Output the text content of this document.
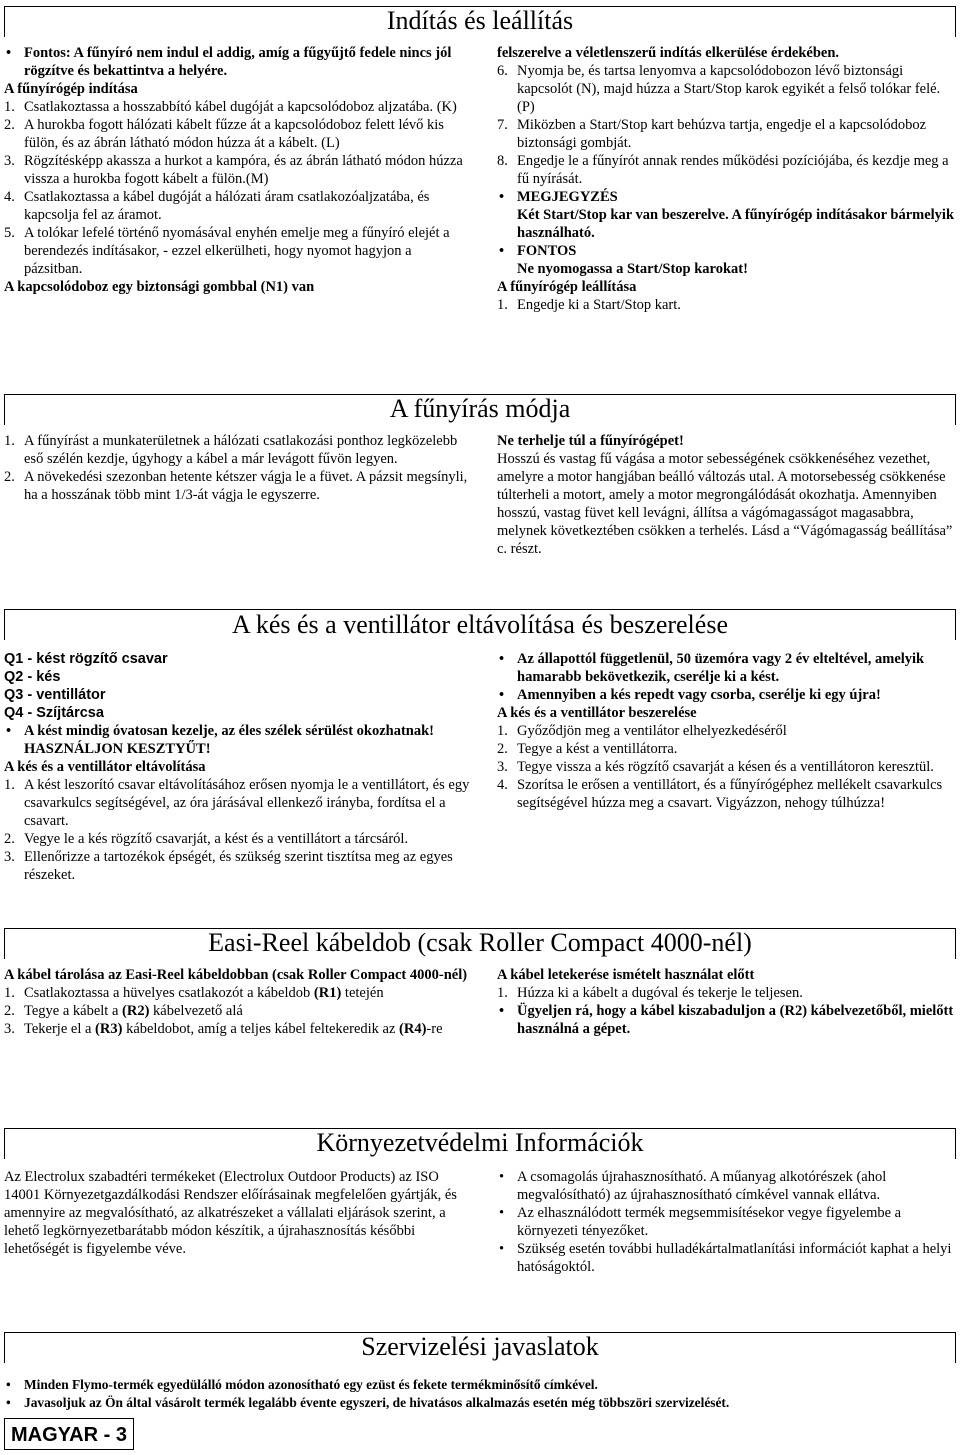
Indítás és leállítás
• Fontos: A fűnyíró nem indul el addig, amíg a fűgyűjtő fedele nincs jól rögzítve és bekattintva a helyére.

A fűnyírógép indítása

1. Csatlakoztassa a hosszabbító kábel dugóját a kapcsolódoboz aljzatába. (K)
2. A hurokba fogott hálózati kábelt fűzze át a kapcsolódoboz felett lévő kis fülön, és az ábrán látható módon húzza át a kábelt. (L)
3. Rögzítésképp akassza a hurkot a kampóra, és az ábrán látható módon húzza vissza a hurokba fogott kábelt a fülön.(M)
4. Csatlakoztassa a kábel dugóját a hálózati áram csatlakozóaljzatába, és kapcsolja fel az áramot.
5. A tolókar lefelé történő nyomásával enyhén emelje meg a fűnyíró elejét a berendezés indításakor, - ezzel elkerülheti, hogy nyomot hagyjon a pázsitban.

A kapcsolódoboz egy biztonsági gombbal (N1) van

felszerelve a véletlenszerű indítás elkerülése érdekében.

6. Nyomja be, és tartsa lenyomva a kapcsolódobozon lévő biztonsági kapcsolót (N), majd húzza a Start/Stop karok egyikét a felső tolókar felé. (P)
7. Miközben a Start/Stop kart behúzva tartja, engedje el a kapcsolódoboz biztonsági gombját.
8. Engedje le a fűnyírót annak rendes működési pozíciójába, és kezdje meg a fű nyírását.
• MEGJEGYZÉS
Két Start/Stop kar van beszerelve. A fűnyírógép indításakor bármelyik használható.
• FONTOS
Ne nyomogassa a Start/Stop karokat!

A fűnyírógép leállítása

1. Engedje ki a Start/Stop kart.
A fűnyírás módja
1. A fűnyírást a munkaterületnek a hálózati csatlakozási ponthoz legközelebb eső szélén kezdje, úgyhogy a kábel a már levágott fűvön legyen.
2. A növekedési szezonban hetente kétszer vágja le a füvet. A pázsit megsínyli, ha a hosszának több mint 1/3-át vágja le egyszerre.

Ne terhelje túl a fűnyírógépet!

Hosszú és vastag fű vágása a motor sebességének csökkenéséhez vezethet, amelyre a motor hangjában beálló változás utal. A motorsebesség csökkenése túlterheli a motort, amely a motor megrongálódását okozhatja. Amennyiben hosszú, vastag füvet kell levágni, állítsa a vágómagasságot magasabbra, melynek következtében csökken a terhelés. Lásd a “Vágómagasság beállítása” c. részt.

A kés és a ventillátor eltávolítása és beszerelése

Q1 - kést rögzítő csavar

Q2 - kés

Q3 - ventillátor

Q4 - Szíjtárcsa

• A kést mindig óvatosan kezelje, az éles szélek sérülést okozhatnak! HASZNÁLJON KESZTYŰT!

A kés és a ventillátor eltávolítása

1. A kést leszorító csavar eltávolításához erősen nyomja le a ventillátort, és egy csavarkulcs segítségével, az óra járásával ellenkező irányba, fordítsa el a csavart.
2. Vegye le a kés rögzítő csavarját, a kést és a ventillátort a tárcsáról.
3. Ellenőrizze a tartozékok épségét, és szükség szerint tisztítsa meg az egyes részeket.
• Az állapottól függetlenül, 50 üzemóra vagy 2 év elteltével, amelyik hamarabb bekövetkezik, cserélje ki a kést.
• Amennyiben a kés repedt vagy csorba, cserélje ki egy újra!

A kés és a ventillátor beszerelése

1. Győződjön meg a ventilátor elhelyezkedéséről
2. Tegye a kést a ventillátorra.
3. Tegye vissza a kés rögzítő csavarját a késen és a ventillátoron keresztül.
4. Szorítsa le erősen a ventillátort, és a fűnyírógéphez mellékelt csavarkulcs segítségével húzza meg a csavart. Vigyázzon, nehogy túlhúzza!
Easi-Reel kábeldob (csak Roller Compact 4000-nél)

A kábel tárolása az Easi-Reel kábeldobban (csak Roller Compact 4000-nél)

1. Csatlakoztassa a hüvelyes csatlakozót a kábeldob (R1) tetején
2. Tegye a kábelt a (R2) kábelvezető alá
3. Tekerje el a (R3) kábeldobot, amíg a teljes kábel feltekeredik az (R4)-re

A kábel letekerése ismételt használat előtt

1. Húzza ki a kábelt a dugóval és tekerje le teljesen.
• Ügyeljen rá, hogy a kábel kiszabaduljon a (R2) kábelvezetőből, mielőtt használná a gépet.
Környezetvédelmi Információk

Az Electrolux szabadtéri termékeket (Electrolux Outdoor Products) az ISO 14001 Környezetgazdálkodási Rendszer előírásainak megfelelően gyártják, és amennyire az megvalósítható, az alkatrészeket a vállalati eljárások szerint, a lehető legkörnyezetbarátabb módon készítik, a újrahasznosítás későbbi lehetőségét is figyelembe véve.

• A csomagolás újrahasznosítható. A műanyag alkotórészek (ahol megvalósítható) az újrahasznosítható címkével vannak ellátva.
• Az elhasználódott termék megsemmisítésekor vegye figyelembe a környezeti tényezőket.
• Szükség esetén további hulladékártalmatlanítási információt kaphat a helyi hatóságoktól.
Szervizelési javaslatok
• Minden Flymo-termék egyedülálló módon azonosítható egy ezüst és fekete termékminősítő címkével.
• Javasoljuk az Ön által vásárolt termék legalább évente egyszeri, de hivatásos alkalmazás esetén még többszöri szervizelését.
MAGYAR - 3
